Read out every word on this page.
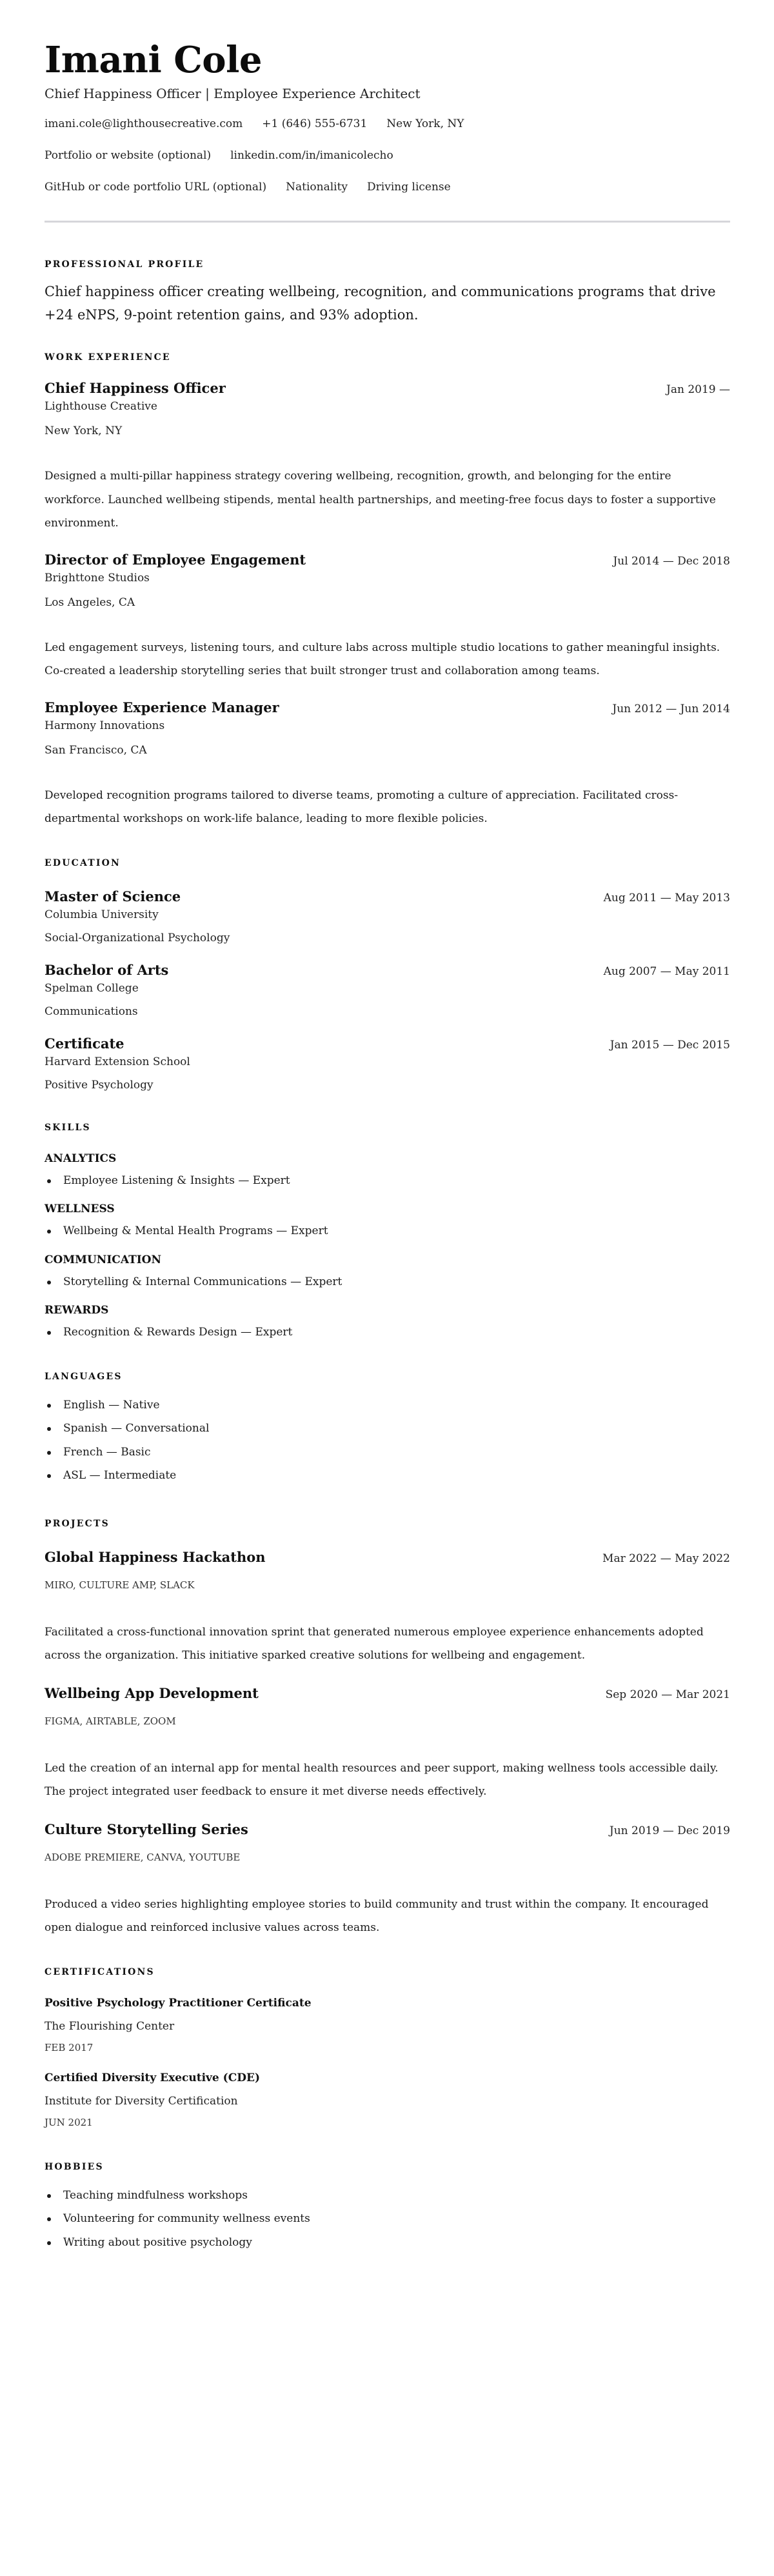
Imani Cole
Chief Happiness Officer | Employee Experience Architect
imani.cole@lighthousecreative.com +1 (646) 555-6731 New York, NY
Portfolio or website (optional) linkedin.com/in/imanicolecho
GitHub or code portfolio URL (optional) Nationality Driving license
PROFESSIONAL PROFILE

Chief happiness officer creating wellbeing, recognition, and communications programs that drive +24 eNPS, 9-point retention gains, and 93% adoption.

WORK EXPERIENCE
Chief Happiness Officer	Jan 2019 —
Lighthouse Creative
New York, NY

Designed a multi-pillar happiness strategy covering wellbeing, recognition, growth, and belonging for the entire workforce. Launched wellbeing stipends, mental health partnerships, and meeting-free focus days to foster a supportive environment.

Director of Employee Engagement	Jul 2014 — Dec 2018
Brighttone Studios
Los Angeles, CA

Led engagement surveys, listening tours, and culture labs across multiple studio locations to gather meaningful insights. Co-created a leadership storytelling series that built stronger trust and collaboration among teams.

Employee Experience Manager	Jun 2012 — Jun 2014
Harmony Innovations
San Francisco, CA

Developed recognition programs tailored to diverse teams, promoting a culture of appreciation. Facilitated cross-departmental workshops on work-life balance, leading to more flexible policies.

EDUCATION
Master of Science	Aug 2011 — May 2013
Columbia University
Social-Organizational Psychology
Bachelor of Arts	Aug 2007 — May 2011
Spelman College
Communications
Certificate	Jan 2015 — Dec 2015
Harvard Extension School
Positive Psychology
SKILLS
ANALYTICS
Employee Listening & Insights — Expert
WELLNESS
Wellbeing & Mental Health Programs — Expert
COMMUNICATION
Storytelling & Internal Communications — Expert
REWARDS
Recognition & Rewards Design — Expert
LANGUAGES
English — Native
Spanish — Conversational
French — Basic
ASL — Intermediate
PROJECTS
Global Happiness Hackathon	Mar 2022 — May 2022
MIRO, CULTURE AMP, SLACK

Facilitated a cross-functional innovation sprint that generated numerous employee experience enhancements adopted across the organization. This initiative sparked creative solutions for wellbeing and engagement.

Wellbeing App Development	Sep 2020 — Mar 2021
FIGMA, AIRTABLE, ZOOM

Led the creation of an internal app for mental health resources and peer support, making wellness tools accessible daily. The project integrated user feedback to ensure it met diverse needs effectively.

Culture Storytelling Series	Jun 2019 — Dec 2019
ADOBE PREMIERE, CANVA, YOUTUBE

Produced a video series highlighting employee stories to build community and trust within the company. It encouraged open dialogue and reinforced inclusive values across teams.

CERTIFICATIONS
Positive Psychology Practitioner Certificate
The Flourishing Center
FEB 2017
Certified Diversity Executive (CDE)
Institute for Diversity Certification
JUN 2021
HOBBIES
Teaching mindfulness workshops
Volunteering for community wellness events
Writing about positive psychology
